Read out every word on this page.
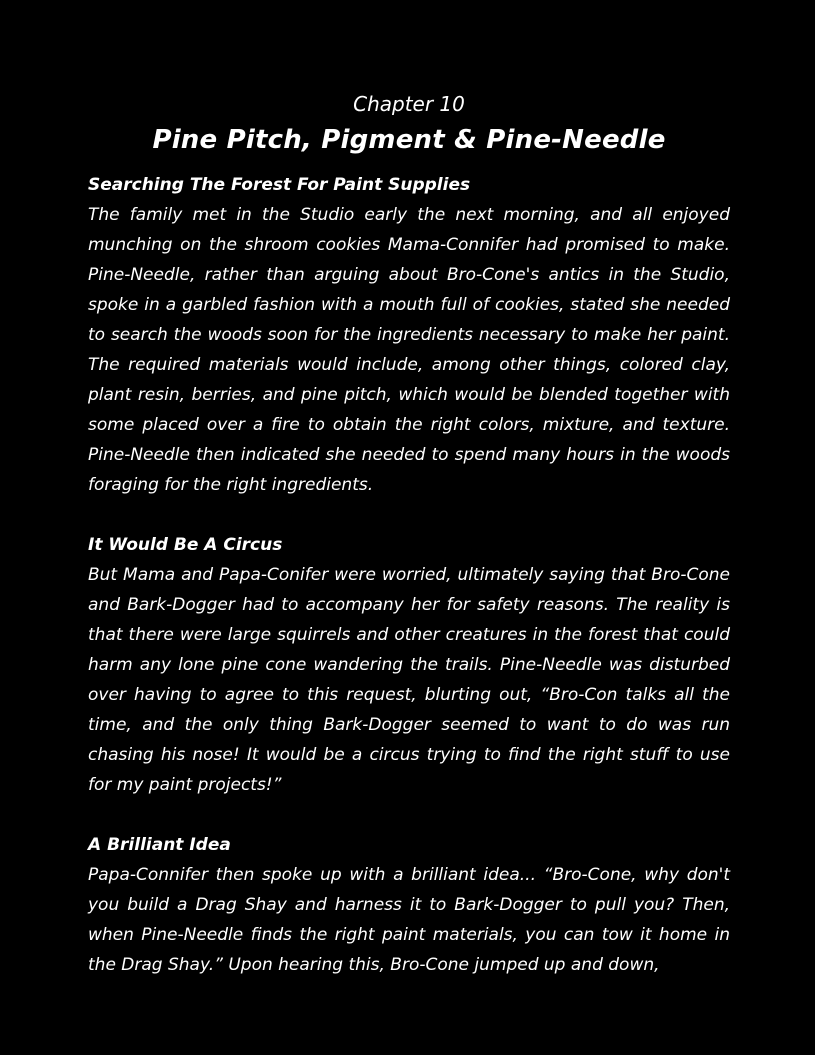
Chapter 10
Pine Pitch, Pigment & Pine-Needle
Searching The Forest For Paint Supplies

The family met in the Studio early the next morning, and all enjoyed munching on the shroom cookies Mama-Connifer had promised to make. Pine-Needle, rather than arguing about Bro-Cone's antics in the Studio, spoke in a garbled fashion with a mouth full of cookies, stated she needed to search the woods soon for the ingredients necessary to make her paint. The required materials would include, among other things, colored clay, plant resin, berries, and pine pitch, which would be blended together with some placed over a fire to obtain the right colors, mixture, and texture. Pine-Needle then indicated she needed to spend many hours in the woods foraging for the right ingredients.

It Would Be A Circus

But Mama and Papa-Conifer were worried, ultimately saying that Bro-Cone and Bark-Dogger had to accompany her for safety reasons. The reality is that there were large squirrels and other creatures in the forest that could harm any lone pine cone wandering the trails. Pine-Needle was disturbed over having to agree to this request, blurting out, “Bro-Con talks all the time, and the only thing Bark-Dogger seemed to want to do was run chasing his nose! It would be a circus trying to find the right stuff to use for my paint projects!”

A Brilliant Idea

Papa-Connifer then spoke up with a brilliant idea... “Bro-Cone, why don't you build a Drag Shay and harness it to Bark-Dogger to pull you? Then, when Pine-Needle finds the right paint materials, you can tow it home in the Drag Shay.” Upon hearing this, Bro-Cone jumped up and down,
